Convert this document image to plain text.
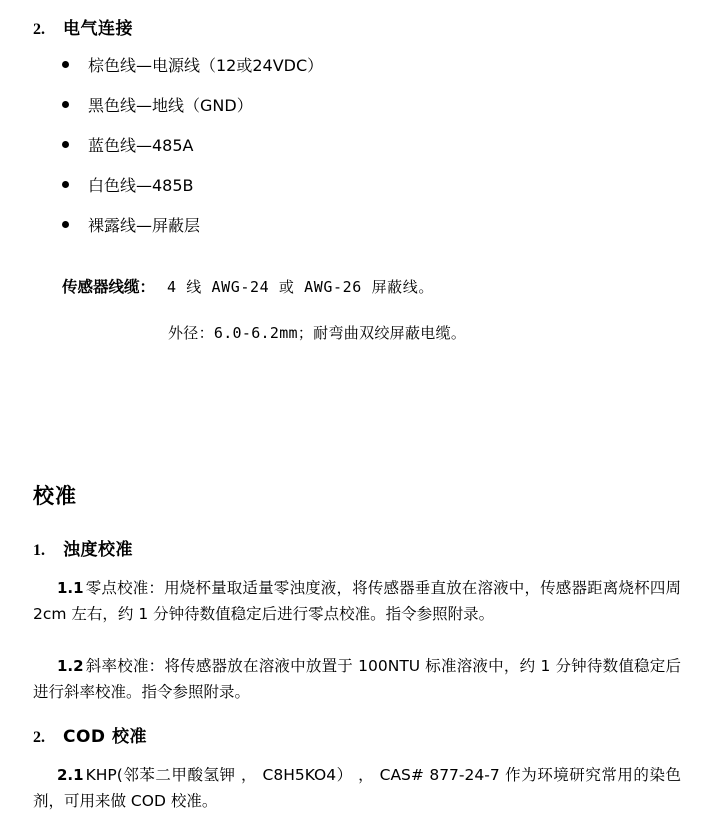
2.	电气连接
棕色线—电源线（12或24VDC）
黑色线—地线（GND）
蓝色线—485A
白色线—485B
裸露线—屏蔽层
传感器线缆： 4 线 AWG-24 或 AWG-26 屏蔽线。
外径：6.0-6.2mm；耐弯曲双绞屏蔽电缆。
校准
1.	浊度校准

1.1 零点校准：用烧杯量取适量零浊度液，将传感器垂直放在溶液中，传感器距离烧杯四周 2cm 左右，约 1 分钟待数值稳定后进行零点校准。指令参照附录。

1.2 斜率校准：将传感器放在溶液中放置于 100NTU 标准溶液中，约 1 分钟待数值稳定后进行斜率校准。指令参照附录。

2.	COD 校准

2.1 KHP(邻苯二甲酸氢钾 ， C8H5KO4） ， CAS# 877-24-7 作为环境研究常用的染色剂，可用来做 COD 校准。
